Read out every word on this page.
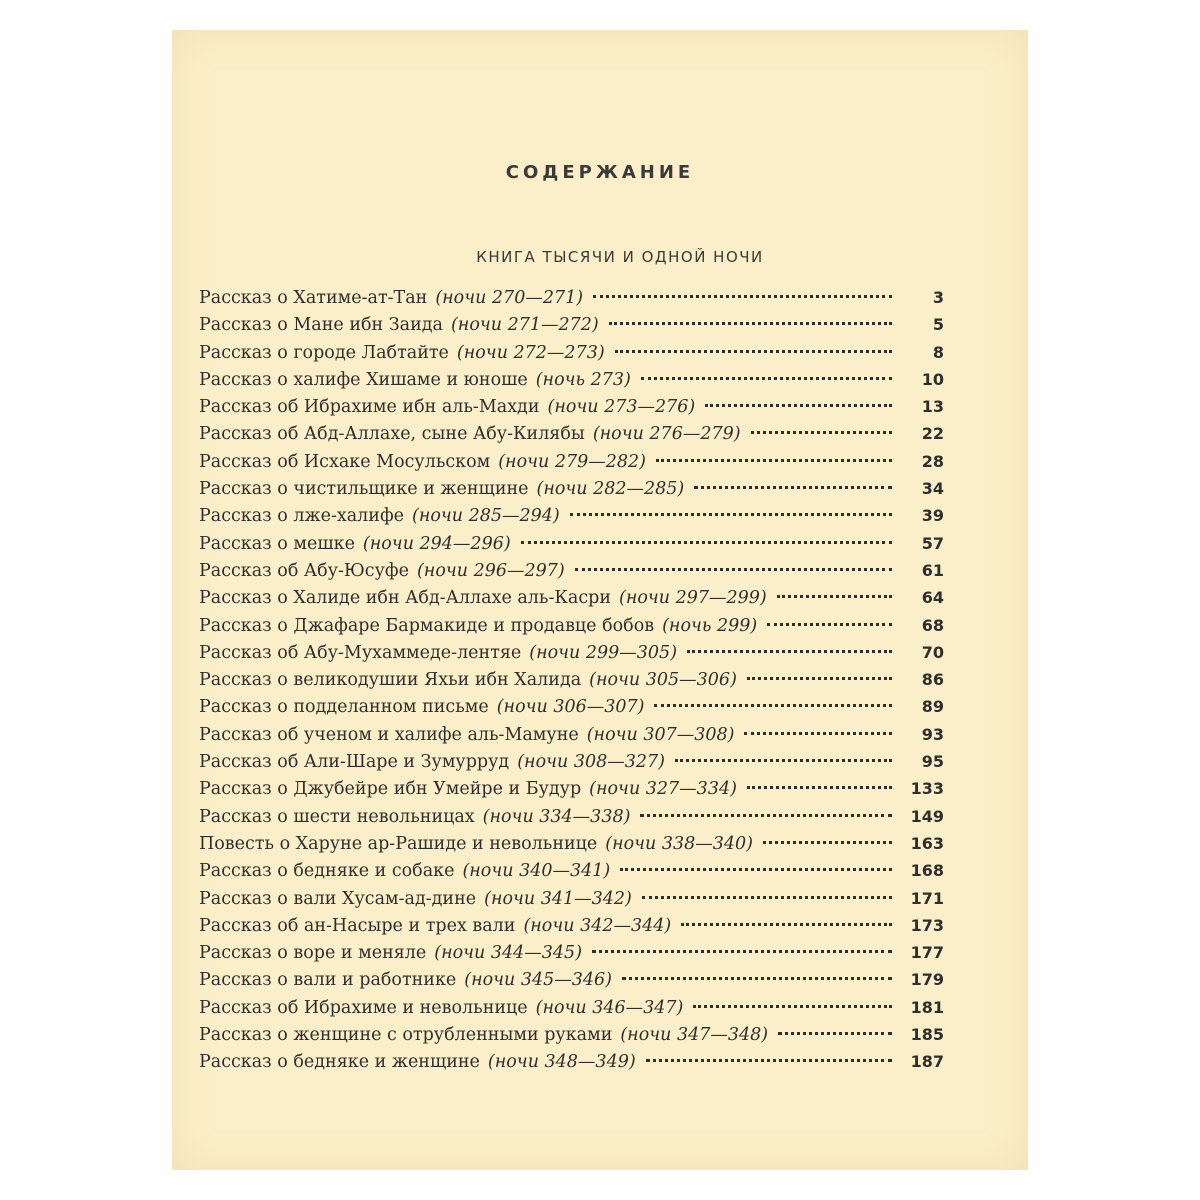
СОДЕРЖАНИЕ
КНИГА ТЫСЯЧИ И ОДНОЙ НОЧИ
Рассказ о Хатиме-ат-Тан (ночи 270—271)	3
Рассказ о Мане ибн Заида (ночи 271—272)	5
Рассказ о городе Лабтайте (ночи 272—273)	8
Рассказ о халифе Хишаме и юноше (ночь 273)	10
Рассказ об Ибрахиме ибн аль-Махди (ночи 273—276)	13
Рассказ об Абд-Аллахе, сыне Абу-Килябы (ночи 276—279)	22
Рассказ об Исхаке Мосульском (ночи 279—282)	28
Рассказ о чистильщике и женщине (ночи 282—285)	34
Рассказ о лже-халифе (ночи 285—294)	39
Рассказ о мешке (ночи 294—296)	57
Рассказ об Абу-Юсуфе (ночи 296—297)	61
Рассказ о Халиде ибн Абд-Аллахе аль-Касри (ночи 297—299)	64
Рассказ о Джафаре Бармакиде и продавце бобов (ночь 299)	68
Рассказ об Абу-Мухаммеде-лентяе (ночи 299—305)	70
Рассказ о великодушии Яхьи ибн Халида (ночи 305—306)	86
Рассказ о подделанном письме (ночи 306—307)	89
Рассказ об ученом и халифе аль-Мамуне (ночи 307—308)	93
Рассказ об Али-Шаре и Зумурруд (ночи 308—327)	95
Рассказ о Джубейре ибн Умейре и Будур (ночи 327—334)	133
Рассказ о шести невольницах (ночи 334—338)	149
Повесть о Харуне ар-Рашиде и невольнице (ночи 338—340)	163
Рассказ о бедняке и собаке (ночи 340—341)	168
Рассказ о вали Хусам-ад-дине (ночи 341—342)	171
Рассказ об ан-Насыре и трех вали (ночи 342—344)	173
Рассказ о воре и меняле (ночи 344—345)	177
Рассказ о вали и работнике (ночи 345—346)	179
Рассказ об Ибрахиме и невольнице (ночи 346—347)	181
Рассказ о женщине с отрубленными руками (ночи 347—348)	185
Рассказ о бедняке и женщине (ночи 348—349)	187
